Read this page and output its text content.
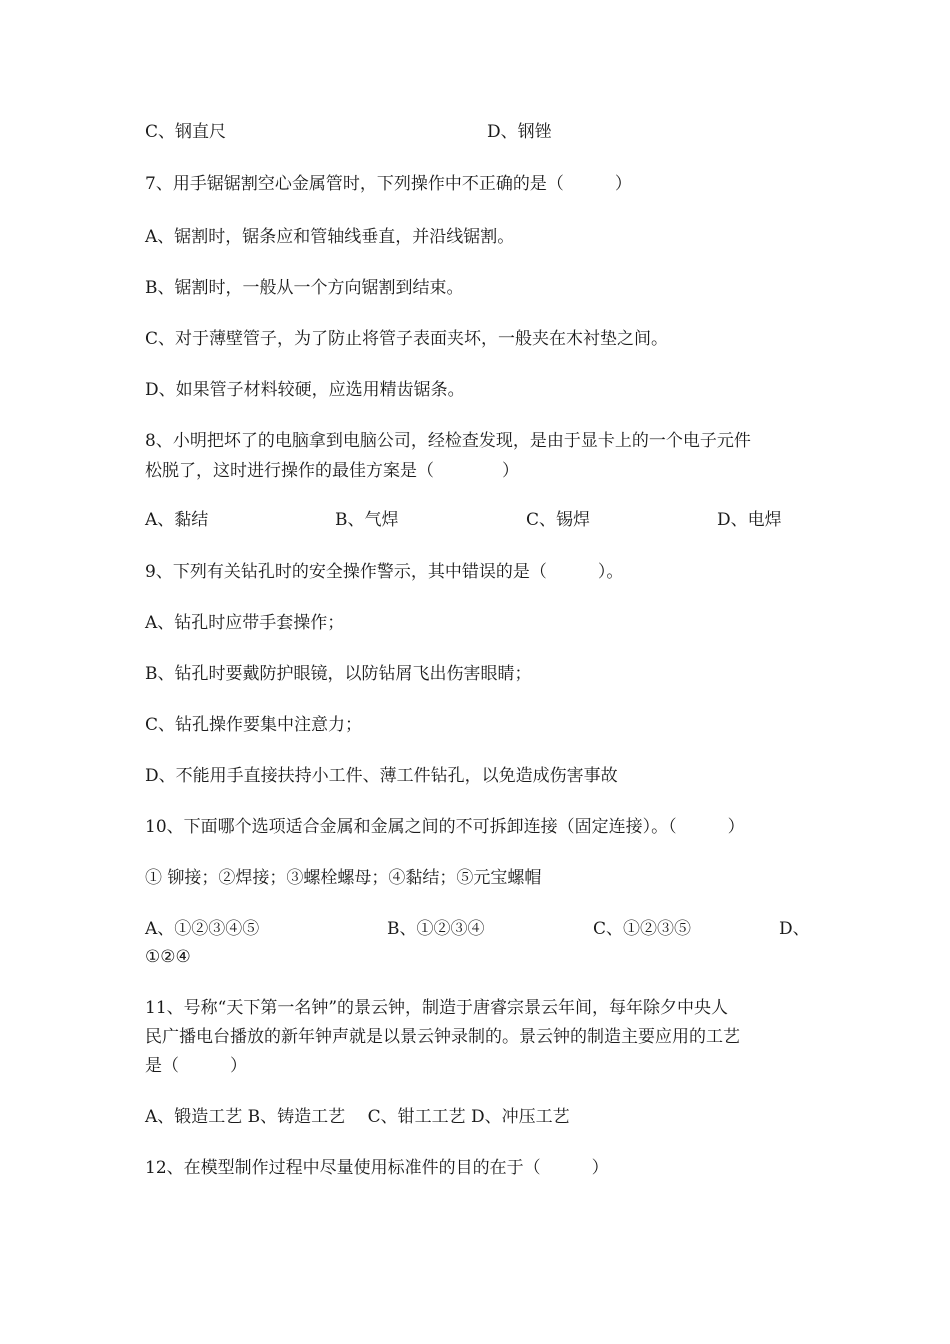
C、钢直尺	D、钢锉
7、用手锯锯割空心金属管时，下列操作中不正确的是（　　　）
A、锯割时，锯条应和管轴线垂直，并沿线锯割。
B、锯割时，一般从一个方向锯割到结束。
C、对于薄壁管子，为了防止将管子表面夹坏，一般夹在木衬垫之间。
D、如果管子材料较硬，应选用精齿锯条。
8、小明把坏了的电脑拿到电脑公司，经检查发现，是由于显卡上的一个电子元件
松脱了，这时进行操作的最佳方案是（　　　　）
A、黏结	B、气焊	C、锡焊	D、电焊
9、下列有关钻孔时的安全操作警示，其中错误的是（　　　）。
A、钻孔时应带手套操作；
B、钻孔时要戴防护眼镜，以防钻屑飞出伤害眼睛；
C、钻孔操作要集中注意力；
D、不能用手直接扶持小工件、薄工件钻孔，以免造成伤害事故
10、下面哪个选项适合金属和金属之间的不可拆卸连接（固定连接）。（　　　）
① 铆接；②焊接；③螺栓螺母；④黏结；⑤元宝螺帽
A、①②③④⑤	B、①②③④	C、①②③⑤	D、
①②④
11、号称“天下第一名钟”的景云钟，制造于唐睿宗景云年间，每年除夕中央人
民广播电台播放的新年钟声就是以景云钟录制的。景云钟的制造主要应用的工艺
是（　　　）
A、锻造工艺 B、铸造工艺　 C、钳工工艺 D、冲压工艺
12、在模型制作过程中尽量使用标准件的目的在于（　　　）
